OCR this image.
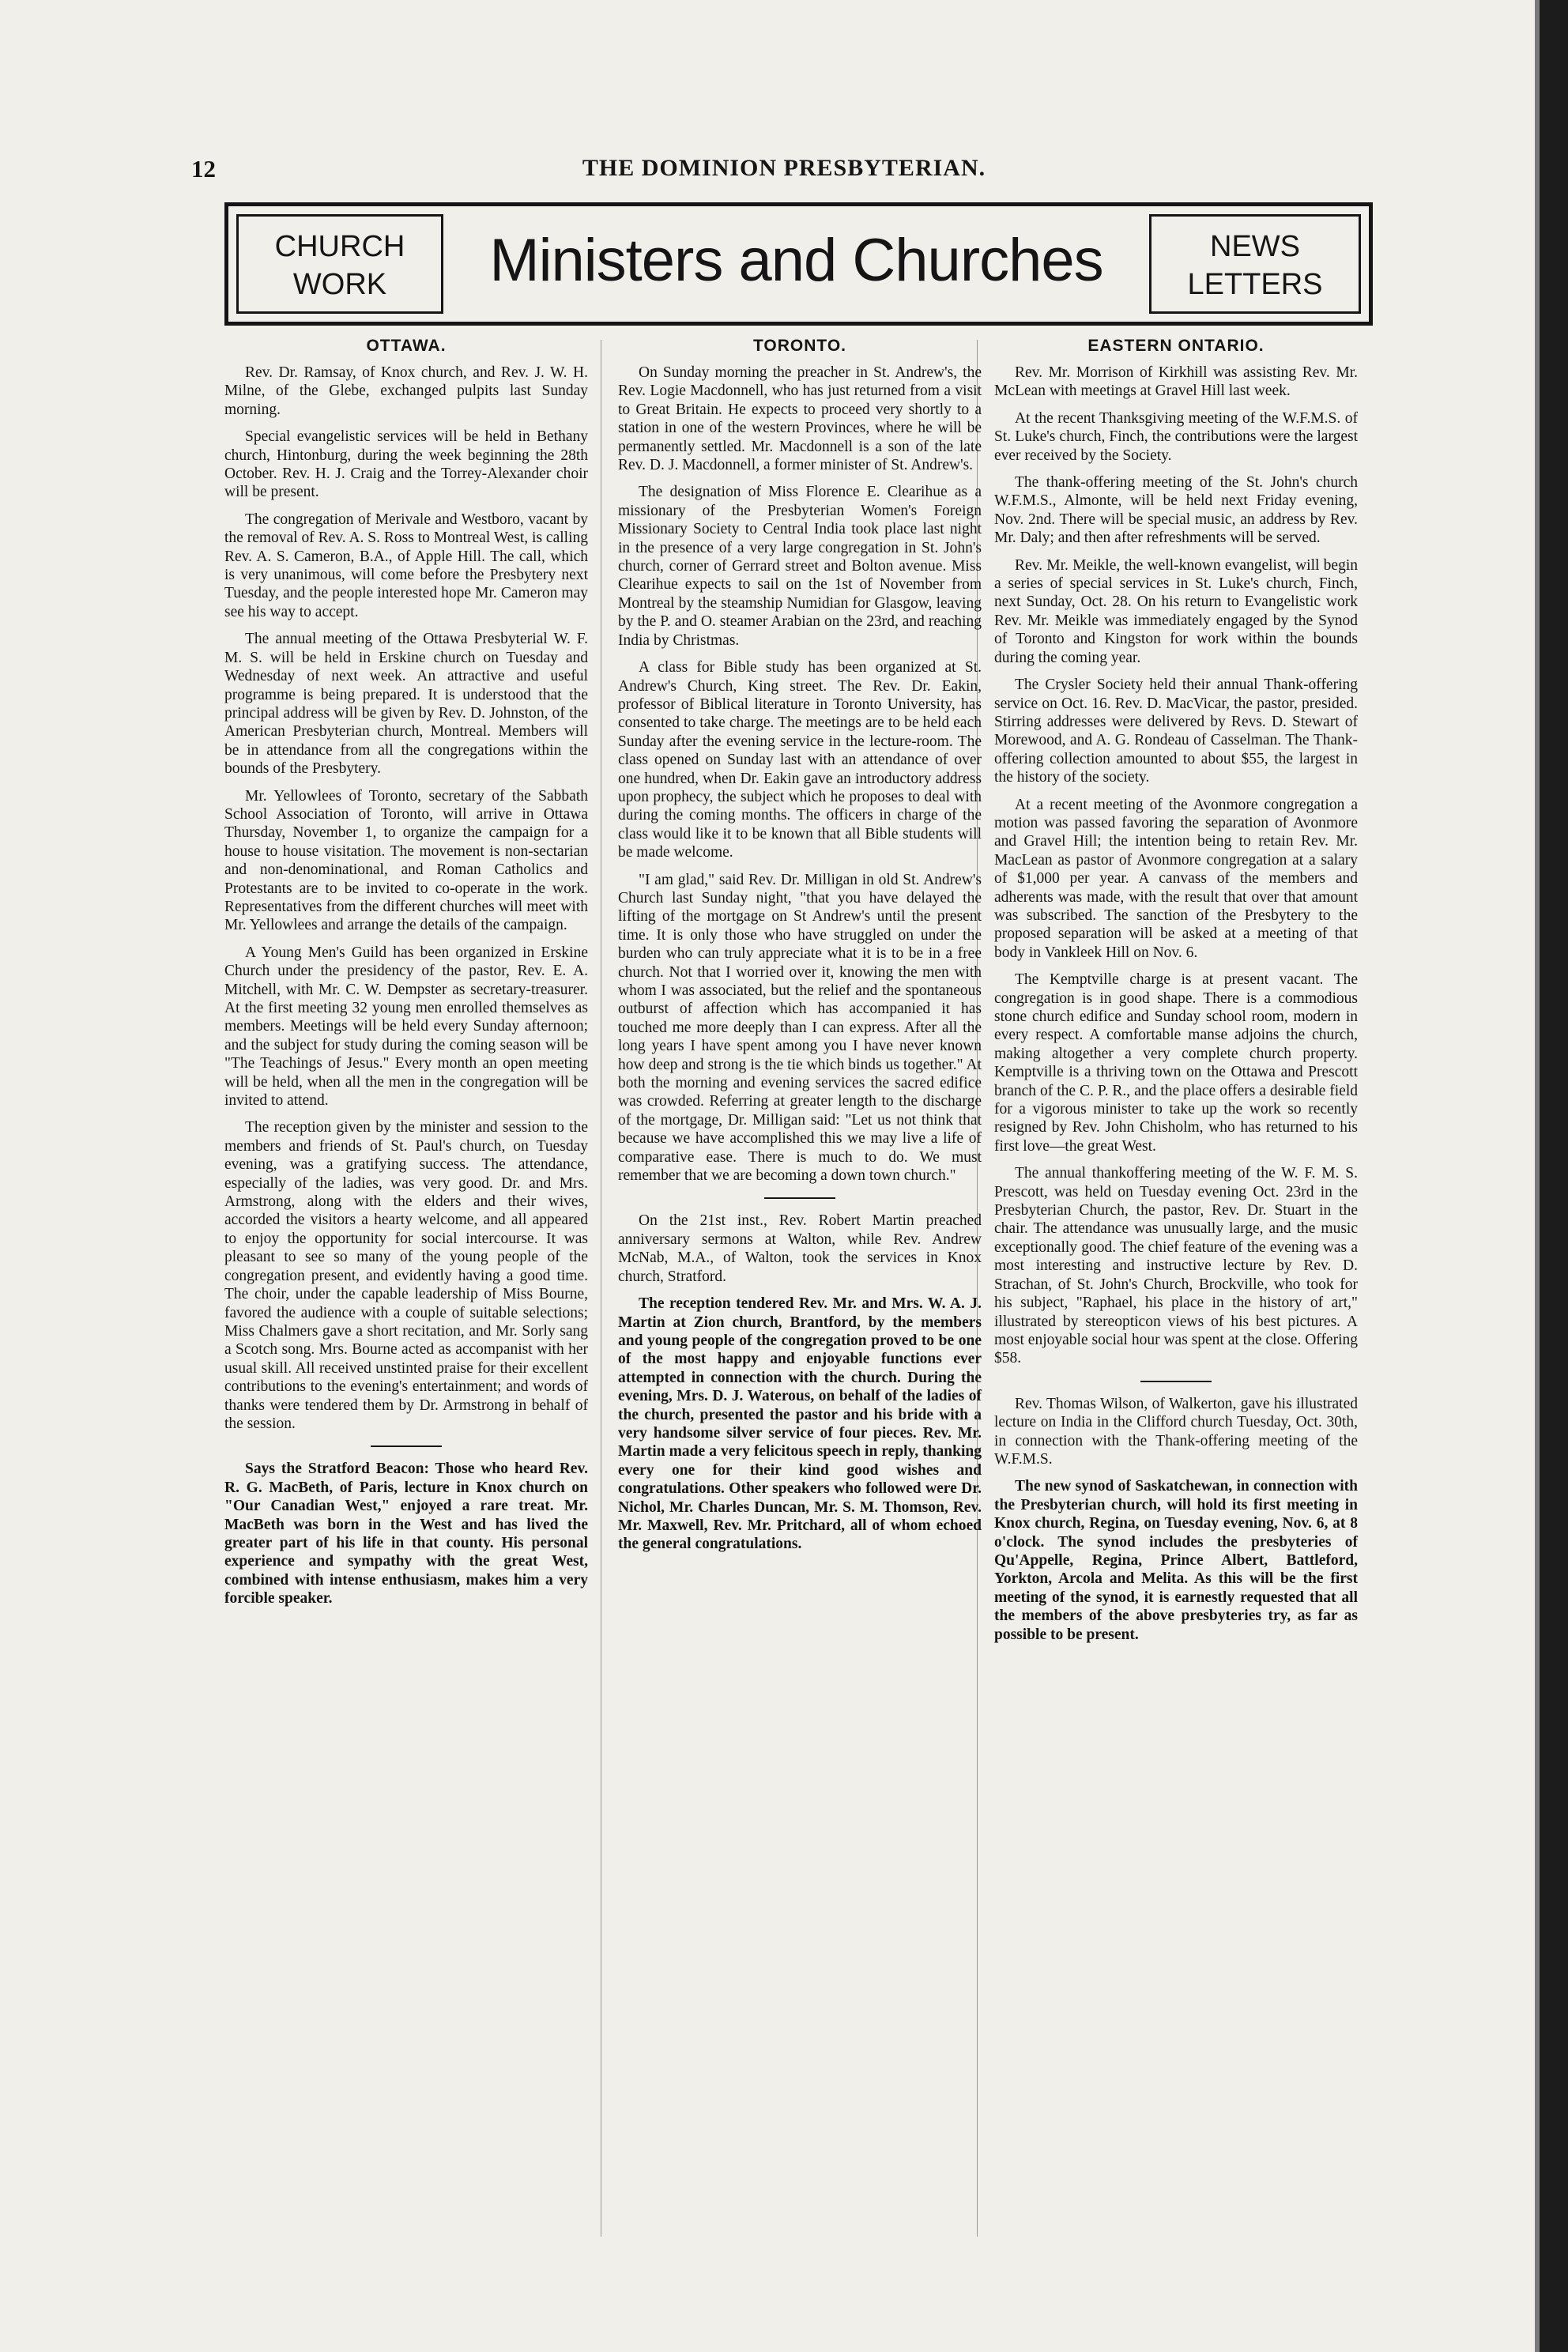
12	THE DOMINION PRESBYTERIAN.
CHURCH
WORK	Ministers and Churches	NEWS
LETTERS
OTTAWA.

Rev. Dr. Ramsay, of Knox church, and Rev. J. W. H. Milne, of the Glebe, exchanged pulpits last Sunday morning.

Special evangelistic services will be held in Bethany church, Hintonburg, during the week beginning the 28th October. Rev. H. J. Craig and the Torrey-Alexander choir will be present.

The congregation of Merivale and Westboro, vacant by the removal of Rev. A. S. Ross to Montreal West, is calling Rev. A. S. Cameron, B.A., of Apple Hill. The call, which is very unanimous, will come before the Presbytery next Tuesday, and the people interested hope Mr. Cameron may see his way to accept.

The annual meeting of the Ottawa Presbyterial W. F. M. S. will be held in Erskine church on Tuesday and Wednesday of next week. An attractive and useful programme is being prepared. It is understood that the principal address will be given by Rev. D. Johnston, of the American Presbyterian church, Montreal. Members will be in attendance from all the congregations within the bounds of the Presbytery.

Mr. Yellowlees of Toronto, secretary of the Sabbath School Association of Toronto, will arrive in Ottawa Thursday, November 1, to organize the campaign for a house to house visitation. The movement is non-sectarian and non-denominational, and Roman Catholics and Protestants are to be invited to co-operate in the work. Representatives from the different churches will meet with Mr. Yellowlees and arrange the details of the campaign.

A Young Men's Guild has been organized in Erskine Church under the presidency of the pastor, Rev. E. A. Mitchell, with Mr. C. W. Dempster as secretary-treasurer. At the first meeting 32 young men enrolled themselves as members. Meetings will be held every Sunday afternoon; and the subject for study during the coming season will be "The Teachings of Jesus." Every month an open meeting will be held, when all the men in the congregation will be invited to attend.

The reception given by the minister and session to the members and friends of St. Paul's church, on Tuesday evening, was a gratifying success. The attendance, especially of the ladies, was very good. Dr. and Mrs. Armstrong, along with the elders and their wives, accorded the visitors a hearty welcome, and all appeared to enjoy the opportunity for social intercourse. It was pleasant to see so many of the young people of the congregation present, and evidently having a good time. The choir, under the capable leadership of Miss Bourne, favored the audience with a couple of suitable selections; Miss Chalmers gave a short recitation, and Mr. Sorly sang a Scotch song. Mrs. Bourne acted as accompanist with her usual skill. All received unstinted praise for their excellent contributions to the evening's entertainment; and words of thanks were tendered them by Dr. Armstrong in behalf of the session.

Says the Stratford Beacon: Those who heard Rev. R. G. MacBeth, of Paris, lecture in Knox church on "Our Canadian West," enjoyed a rare treat. Mr. MacBeth was born in the West and has lived the greater part of his life in that county. His personal experience and sympathy with the great West, combined with intense enthusiasm, makes him a very forcible speaker.

TORONTO.

On Sunday morning the preacher in St. Andrew's, the Rev. Logie Macdonnell, who has just returned from a visit to Great Britain. He expects to proceed very shortly to a station in one of the western Provinces, where he will be permanently settled. Mr. Macdonnell is a son of the late Rev. D. J. Macdonnell, a former minister of St. Andrew's.

The designation of Miss Florence E. Clearihue as a missionary of the Presbyterian Women's Foreign Missionary Society to Central India took place last night in the presence of a very large congregation in St. John's church, corner of Gerrard street and Bolton avenue. Miss Clearihue expects to sail on the 1st of November from Montreal by the steamship Numidian for Glasgow, leaving by the P. and O. steamer Arabian on the 23rd, and reaching India by Christmas.

A class for Bible study has been organized at St. Andrew's Church, King street. The Rev. Dr. Eakin, professor of Biblical literature in Toronto University, has consented to take charge. The meetings are to be held each Sunday after the evening service in the lecture-room. The class opened on Sunday last with an attendance of over one hundred, when Dr. Eakin gave an introductory address upon prophecy, the subject which he proposes to deal with during the coming months. The officers in charge of the class would like it to be known that all Bible students will be made welcome.

"I am glad," said Rev. Dr. Milligan in old St. Andrew's Church last Sunday night, "that you have delayed the lifting of the mortgage on St Andrew's until the present time. It is only those who have struggled on under the burden who can truly appreciate what it is to be in a free church. Not that I worried over it, knowing the men with whom I was associated, but the relief and the spontaneous outburst of affection which has accompanied it has touched me more deeply than I can express. After all the long years I have spent among you I have never known how deep and strong is the tie which binds us together." At both the morning and evening services the sacred edifice was crowded. Referring at greater length to the discharge of the mortgage, Dr. Milligan said: "Let us not think that because we have accomplished this we may live a life of comparative ease. There is much to do. We must remember that we are becoming a down town church."

On the 21st inst., Rev. Robert Martin preached anniversary sermons at Walton, while Rev. Andrew McNab, M.A., of Walton, took the services in Knox church, Stratford.

The reception tendered Rev. Mr. and Mrs. W. A. J. Martin at Zion church, Brantford, by the members and young people of the congregation proved to be one of the most happy and enjoyable functions ever attempted in connection with the church. During the evening, Mrs. D. J. Waterous, on behalf of the ladies of the church, presented the pastor and his bride with a very handsome silver service of four pieces. Rev. Mr. Martin made a very felicitous speech in reply, thanking every one for their kind good wishes and congratulations. Other speakers who followed were Dr. Nichol, Mr. Charles Duncan, Mr. S. M. Thomson, Rev. Mr. Maxwell, Rev. Mr. Pritchard, all of whom echoed the general congratulations.

EASTERN ONTARIO.

Rev. Mr. Morrison of Kirkhill was assisting Rev. Mr. McLean with meetings at Gravel Hill last week.

At the recent Thanksgiving meeting of the W.F.M.S. of St. Luke's church, Finch, the contributions were the largest ever received by the Society.

The thank-offering meeting of the St. John's church W.F.M.S., Almonte, will be held next Friday evening, Nov. 2nd. There will be special music, an address by Rev. Mr. Daly; and then after refreshments will be served.

Rev. Mr. Meikle, the well-known evangelist, will begin a series of special services in St. Luke's church, Finch, next Sunday, Oct. 28. On his return to Evangelistic work Rev. Mr. Meikle was immediately engaged by the Synod of Toronto and Kingston for work within the bounds during the coming year.

The Crysler Society held their annual Thank-offering service on Oct. 16. Rev. D. MacVicar, the pastor, presided. Stirring addresses were delivered by Revs. D. Stewart of Morewood, and A. G. Rondeau of Casselman. The Thank-offering collection amounted to about $55, the largest in the history of the society.

At a recent meeting of the Avonmore congregation a motion was passed favoring the separation of Avonmore and Gravel Hill; the intention being to retain Rev. Mr. MacLean as pastor of Avonmore congregation at a salary of $1,000 per year. A canvass of the members and adherents was made, with the result that over that amount was subscribed. The sanction of the Presbytery to the proposed separation will be asked at a meeting of that body in Vankleek Hill on Nov. 6.

The Kemptville charge is at present vacant. The congregation is in good shape. There is a commodious stone church edifice and Sunday school room, modern in every respect. A comfortable manse adjoins the church, making altogether a very complete church property. Kemptville is a thriving town on the Ottawa and Prescott branch of the C. P. R., and the place offers a desirable field for a vigorous minister to take up the work so recently resigned by Rev. John Chisholm, who has returned to his first love—the great West.

The annual thankoffering meeting of the W. F. M. S. Prescott, was held on Tuesday evening Oct. 23rd in the Presbyterian Church, the pastor, Rev. Dr. Stuart in the chair. The attendance was unusually large, and the music exceptionally good. The chief feature of the evening was a most interesting and instructive lecture by Rev. D. Strachan, of St. John's Church, Brockville, who took for his subject, "Raphael, his place in the history of art," illustrated by stereopticon views of his best pictures. A most enjoyable social hour was spent at the close. Offering $58.

Rev. Thomas Wilson, of Walkerton, gave his illustrated lecture on India in the Clifford church Tuesday, Oct. 30th, in connection with the Thank-offering meeting of the W.F.M.S.

The new synod of Saskatchewan, in connection with the Presbyterian church, will hold its first meeting in Knox church, Regina, on Tuesday evening, Nov. 6, at 8 o'clock. The synod includes the presbyteries of Qu'Appelle, Regina, Prince Albert, Battleford, Yorkton, Arcola and Melita. As this will be the first meeting of the synod, it is earnestly requested that all the members of the above presbyteries try, as far as possible to be present.
